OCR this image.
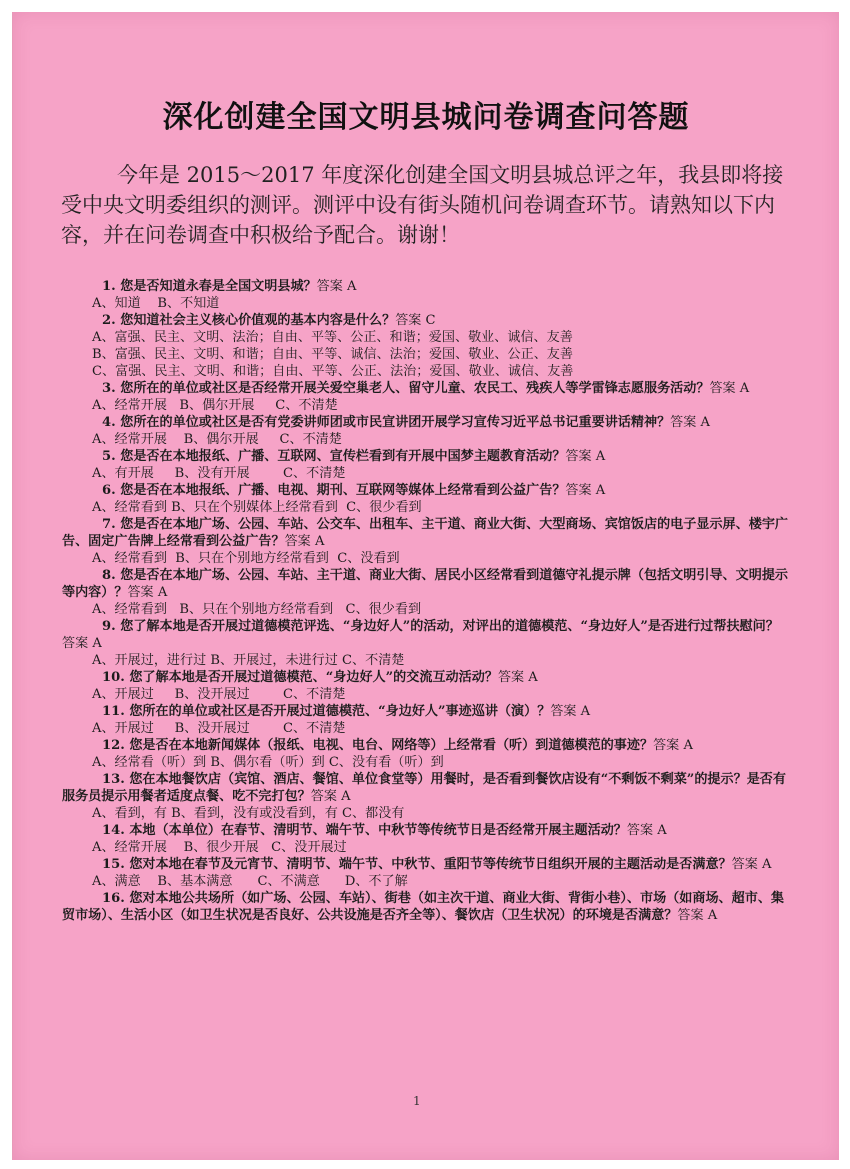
深化创建全国文明县城问卷调查问答题
今年是 2015～2017 年度深化创建全国文明县城总评之年，我县即将接受中央文明委组织的测评。测评中设有街头随机问卷调查环节。请熟知以下内容，并在问卷调查中积极给予配合。谢谢！

1. 您是否知道永春是全国文明县城？答案 A

A、知道    B、不知道

2. 您知道社会主义核心价值观的基本内容是什么？答案 C

A、富强、民主、文明、法治；自由、平等、公正、和谐；爱国、敬业、诚信、友善

B、富强、民主、文明、和谐；自由、平等、诚信、法治；爱国、敬业、公正、友善

C、富强、民主、文明、和谐；自由、平等、公正、法治；爱国、敬业、诚信、友善

3. 您所在的单位或社区是否经常开展关爱空巢老人、留守儿童、农民工、残疾人等学雷锋志愿服务活动？答案 A

A、经常开展   B、偶尔开展     C、不清楚

4. 您所在的单位或社区是否有党委讲师团或市民宣讲团开展学习宣传习近平总书记重要讲话精神？答案 A

A、经常开展    B、偶尔开展     C、不清楚

5. 您是否在本地报纸、广播、互联网、宣传栏看到有开展中国梦主题教育活动？答案 A

A、有开展     B、没有开展        C、不清楚

6. 您是否在本地报纸、广播、电视、期刊、互联网等媒体上经常看到公益广告？答案 A

A、经常看到 B、只在个别媒体上经常看到  C、很少看到

7. 您是否在本地广场、公园、车站、公交车、出租车、主干道、商业大街、大型商场、宾馆饭店的电子显示屏、楼宇广告、固定广告牌上经常看到公益广告？答案 A

A、经常看到  B、只在个别地方经常看到  C、没看到

8. 您是否在本地广场、公园、车站、主干道、商业大街、居民小区经常看到道德守礼提示牌（包括文明引导、文明提示等内容）？答案 A

A、经常看到   B、只在个别地方经常看到   C、很少看到

9. 您了解本地是否开展过道德模范评选、“身边好人”的活动，对评出的道德模范、“身边好人”是否进行过帮扶慰问？答案 A

A、开展过，进行过 B、开展过，未进行过 C、不清楚

10. 您了解本地是否开展过道德模范、“身边好人”的交流互动活动？答案 A

A、开展过     B、没开展过        C、不清楚

11. 您所在的单位或社区是否开展过道德模范、“身边好人”事迹巡讲（演）？答案 A

A、开展过     B、没开展过        C、不清楚

12. 您是否在本地新闻媒体（报纸、电视、电台、网络等）上经常看（听）到道德模范的事迹？答案 A

A、经常看（听）到 B、偶尔看（听）到 C、没有看（听）到

13. 您在本地餐饮店（宾馆、酒店、餐馆、单位食堂等）用餐时，是否看到餐饮店设有“不剩饭不剩菜”的提示？是否有服务员提示用餐者适度点餐、吃不完打包？答案 A

A、看到，有 B、看到，没有或没看到，有 C、都没有

14. 本地（本单位）在春节、清明节、端午节、中秋节等传统节日是否经常开展主题活动？答案 A

A、经常开展    B、很少开展   C、没开展过

15. 您对本地在春节及元宵节、清明节、端午节、中秋节、重阳节等传统节日组织开展的主题活动是否满意？答案 A

A、满意    B、基本满意      C、不满意      D、不了解

16. 您对本地公共场所（如广场、公园、车站）、街巷（如主次干道、商业大街、背街小巷）、市场（如商场、超市、集贸市场）、生活小区（如卫生状况是否良好、公共设施是否齐全等）、餐饮店（卫生状况）的环境是否满意？答案 A

1
